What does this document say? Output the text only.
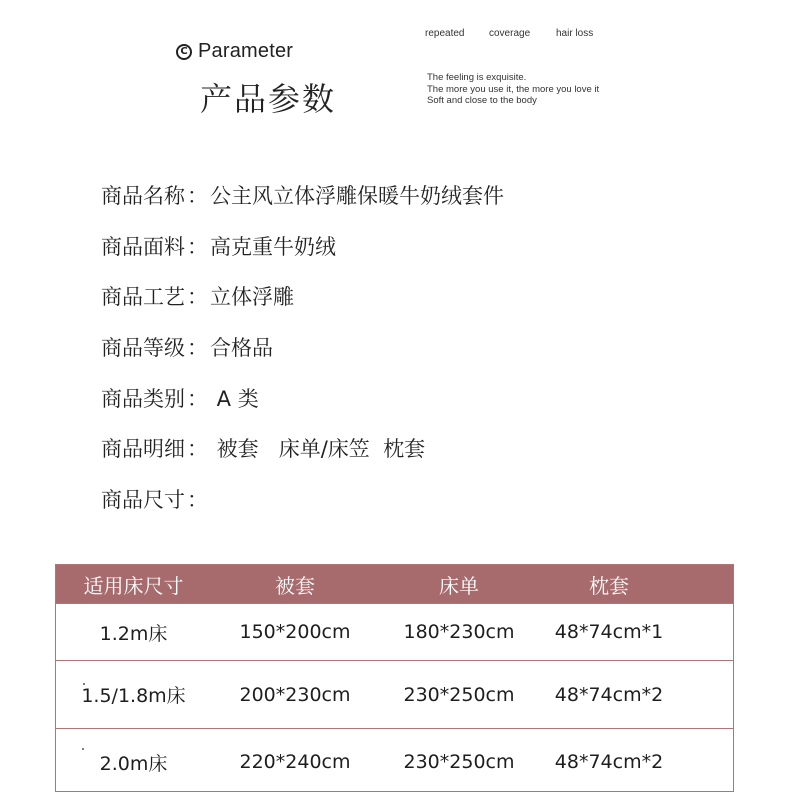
C Parameter
产品参数
repeated	coverage	hair loss
The feeling is exquisite.
The more you use it, the more you love it
Soft and close to the body
商品名称 ： 公主风立体浮雕保暖牛奶绒套件
商品面料 ： 高克重牛奶绒
商品工艺 ： 立体浮雕
商品等级 ： 合格品
商品类别 ： A 类
商品明细 ： 被套   床单/床笠  枕套
商品尺寸 ：
适用床尺寸	被套	床单	枕套
1.2m床	150*200cm	180*230cm	48*74cm*1
1.5/1.8m床	200*230cm	230*250cm	48*74cm*2
2.0m床	220*240cm	230*250cm	48*74cm*2
